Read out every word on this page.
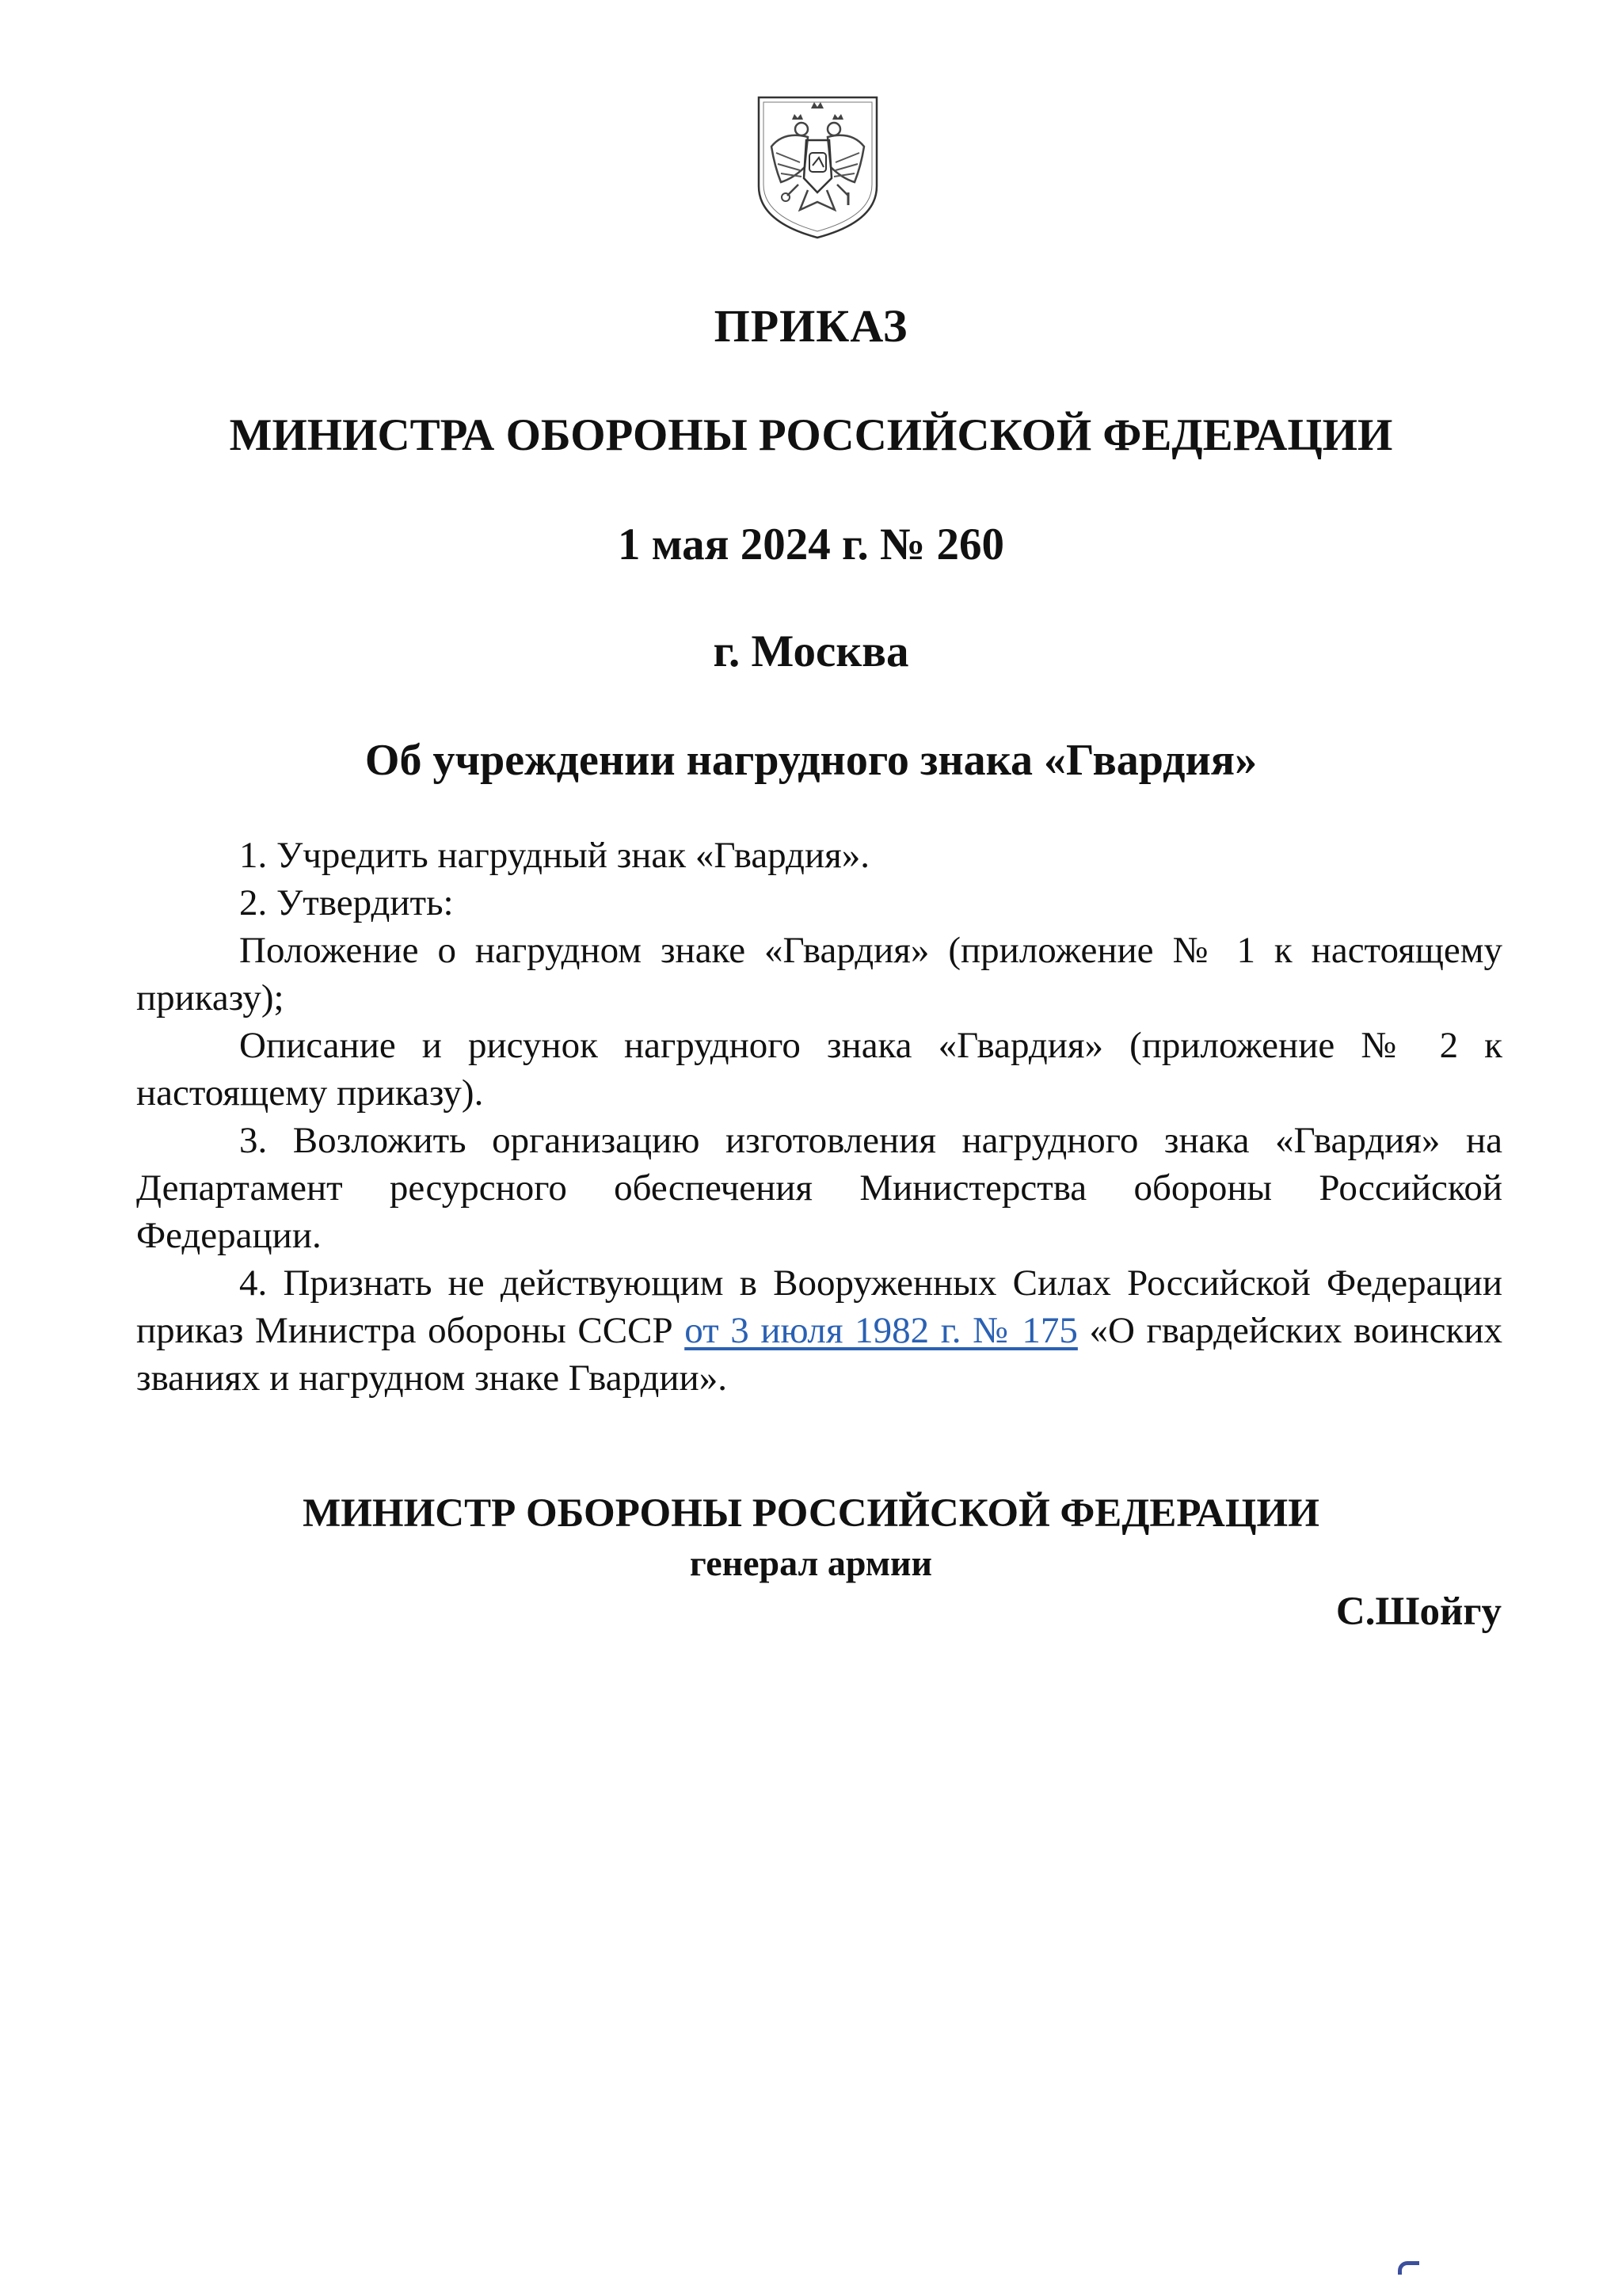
ПРИКАЗ
МИНИСТРА ОБОРОНЫ РОССИЙСКОЙ ФЕДЕРАЦИИ
1 мая 2024 г. № 260
г. Москва
Об учреждении нагрудного знака «Гвардия»

1. Учредить нагрудный знак «Гвардия».

2. Утвердить:

Положение о нагрудном знаке «Гвардия» (приложение № 1 к настоящему приказу);

Описание и рисунок нагрудного знака «Гвардия» (приложение № 2 к настоящему приказу).

3. Возложить организацию изготовления нагрудного знака «Гвардия» на Департамент ресурсного обеспечения Министерства обороны Российской Федерации.

4. Признать не действующим в Вооруженных Силах Российской Федерации приказ Министра обороны СССР от 3 июля 1982 г. № 175 «О гвардейских воинских званиях и нагрудном знаке Гвардии».

МИНИСТР ОБОРОНЫ РОССИЙСКОЙ ФЕДЕРАЦИИ
генерал армии
С.Шойгу
